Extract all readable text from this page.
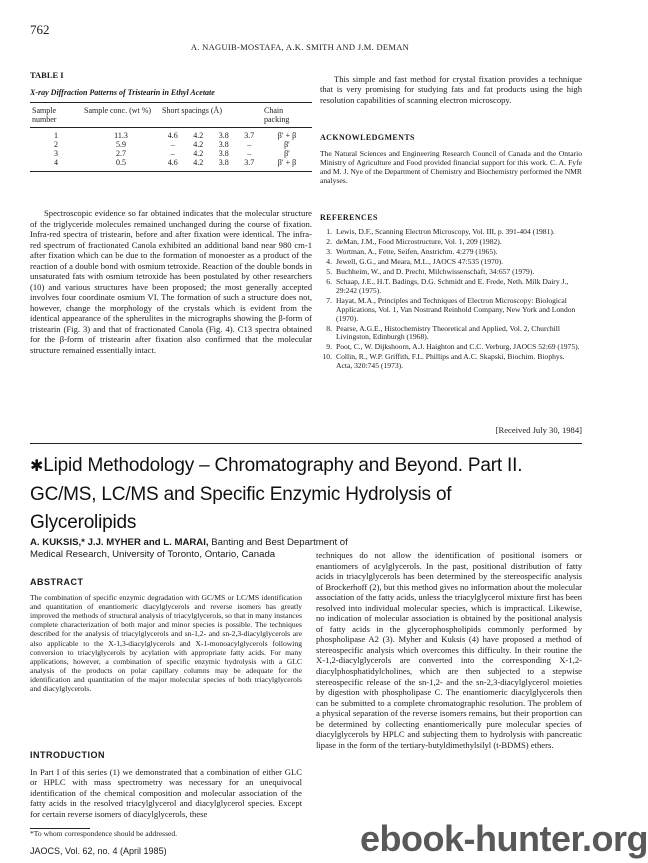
762
A. NAGUIB-MOSTAFA, A.K. SMITH AND J.M. DEMAN
TABLE I
X-ray Diffraction Patterns of Tristearin in Ethyl Acetate
Sample number	Sample conc. (wt %)	Short spacings (Å)				Chain packing
1	11.3	4.6	4.2	3.8	3.7	β′ + β
2	5.9	–	4.2	3.8	–	β′
3	2.7	–	4.2	3.8	–	β′
4	0.5	4.6	4.2	3.8	3.7	β′ + β

Spectroscopic evidence so far obtained indicates that the molecular structure of the triglyceride molecules remained unchanged during the course of fixation. Infra-red spectra of tristearin, before and after fixation were identical. The infra-red spectrum of fractionated Canola exhibited an additional band near 980 cm-1 after fixation which can be due to the formation of monoester as a product of the reaction of a double bond with osmium tetroxide. Reaction of the double bonds in unsaturated fats with osmium tetroxide has been postulated by other researchers (10) and various structures have been proposed; the most generally accepted involves four coordinate osmium VI. The formation of such a structure does not, however, change the morphology of the crystals which is evident from the identical appearance of the spherulites in the micrographs showing the β-form of tristearin (Fig. 3) and that of fractionated Canola (Fig. 4). C13 spectra obtained for the β-form of tristearin after fixation also confirmed that the molecular structure remained essentially intact.

This simple and fast method for crystal fixation provides a technique that is very promising for studying fats and fat products using the high resolution capabilities of scanning electron microscopy.

ACKNOWLEDGMENTS

The Natural Sciences and Engineering Research Council of Canada and the Ontario Ministry of Agriculture and Food provided financial support for this work. C. A. Fyfe and M. J. Nye of the Department of Chemistry and Biochemistry performed the NMR analyses.

REFERENCES
1. Lewis, D.F., Scanning Electron Microscopy, Vol. III, p. 391-404 (1981).
2. deMan, J.M., Food Microstructure, Vol. 1, 209 (1982).
3. Wortman, A., Fette, Seifen, Anstrichm. 4:279 (1965).
4. Jewell, G.G., and Meara, M.L., JAOCS 47:535 (1970).
5. Buchheim, W., and D. Precht, Milchwissenschaft, 34:657 (1979).
6. Schaap, J.E., H.T. Badings, D.G. Schmidt and E. Frede, Neth. Milk Dairy J., 29:242 (1975).
7. Hayat, M.A., Principles and Techniques of Electron Microscopy: Biological Applications, Vol. 1, Van Nostrand Reinhold Company, New York and London (1970).
8. Pearse, A.G.E., Histochemistry Theoretical and Applied, Vol. 2, Churchill Livingston, Edinburgh (1968).
9. Poot, C., W. Dijkshoorn, A.J. Haighton and C.C. Verburg, JAOCS 52:69 (1975).
10. Collin, R., W.P. Griffith, F.L. Phillips and A.C. Skapski, Biochim. Biophys. Acta, 320:745 (1973).
[Received July 30, 1984]
✱Lipid Methodology – Chromatography and Beyond. Part II.
GC/MS, LC/MS and Specific Enzymic Hydrolysis of
Glycerolipids
A. KUKSIS,* J.J. MYHER and L. MARAI, Banting and Best Department of
Medical Research, University of Toronto, Ontario, Canada
ABSTRACT

The combination of specific enzymic degradation with GC/MS or LC/MS identification and quantitation of enantiomeric diacylglycerols and reverse isomers has greatly improved the methods of structural analysis of triacylglycerols, so that in many instances complete characterization of both major and minor species is possible. The techniques described for the analysis of triacylglycerols and sn-1,2- and sn-2,3-diacylglycerols are also applicable to the X-1,3-diacylglycerols and X-1-monoacylglycerols following conversion to triacylglycerols by acylation with appropriate fatty acids. For many applications, however, a combination of specific enzymic hydrolysis with a GLC analysis of the products on polar capillary columns may be adequate for the identification and quantitation of the major molecular species of both triacylglycerols and diacylglycerols.

INTRODUCTION

In Part I of this series (1) we demonstrated that a combination of either GLC or HPLC with mass spectrometry was necessary for an unequivocal identification of the chemical composition and molecular association of the fatty acids in the resolved triacylglycerol and diacylglycerol species. Except for certain reverse isomers of diacylglycerols, these

*To whom correspondence should be addressed.
JAOCS, Vol. 62, no. 4 (April 1985)

techniques do not allow the identification of positional isomers or enantiomers of acylglycerols. In the past, positional distribution of fatty acids in triacylglycerols has been determined by the stereospecific analysis of Brockerhoff (2), but this method gives no information about the molecular association of the fatty acids, unless the triacylglycerol mixture first has been resolved into individual molecular species, which is impractical. Likewise, no indication of molecular association is obtained by the positional analysis of fatty acids in the glycerophospholipids commonly performed by phospholipase A2 (3). Myher and Kuksis (4) have proposed a method of stereospecific analysis which overcomes this difficulty. In their routine the X-1,2-diacylglycerols are converted into the corresponding X-1,2-diacylphosphatidylcholines, which are then subjected to a stepwise stereospecific release of the sn-1,2- and the sn-2,3-diacylglycerol moieties by digestion with phospholipase C. The enantiomeric diacylglycerols then can be submitted to a complete chromatographic resolution. The problem of a physical separation of the reverse isomers remains, but their proportion can be determined by collecting enantiomerically pure molecular species of diacylglycerols by HPLC and subjecting them to hydrolysis with pancreatic lipase in the form of the tertiary-butyldimethylsilyl (t-BDMS) ethers.

ebook-hunter.org
